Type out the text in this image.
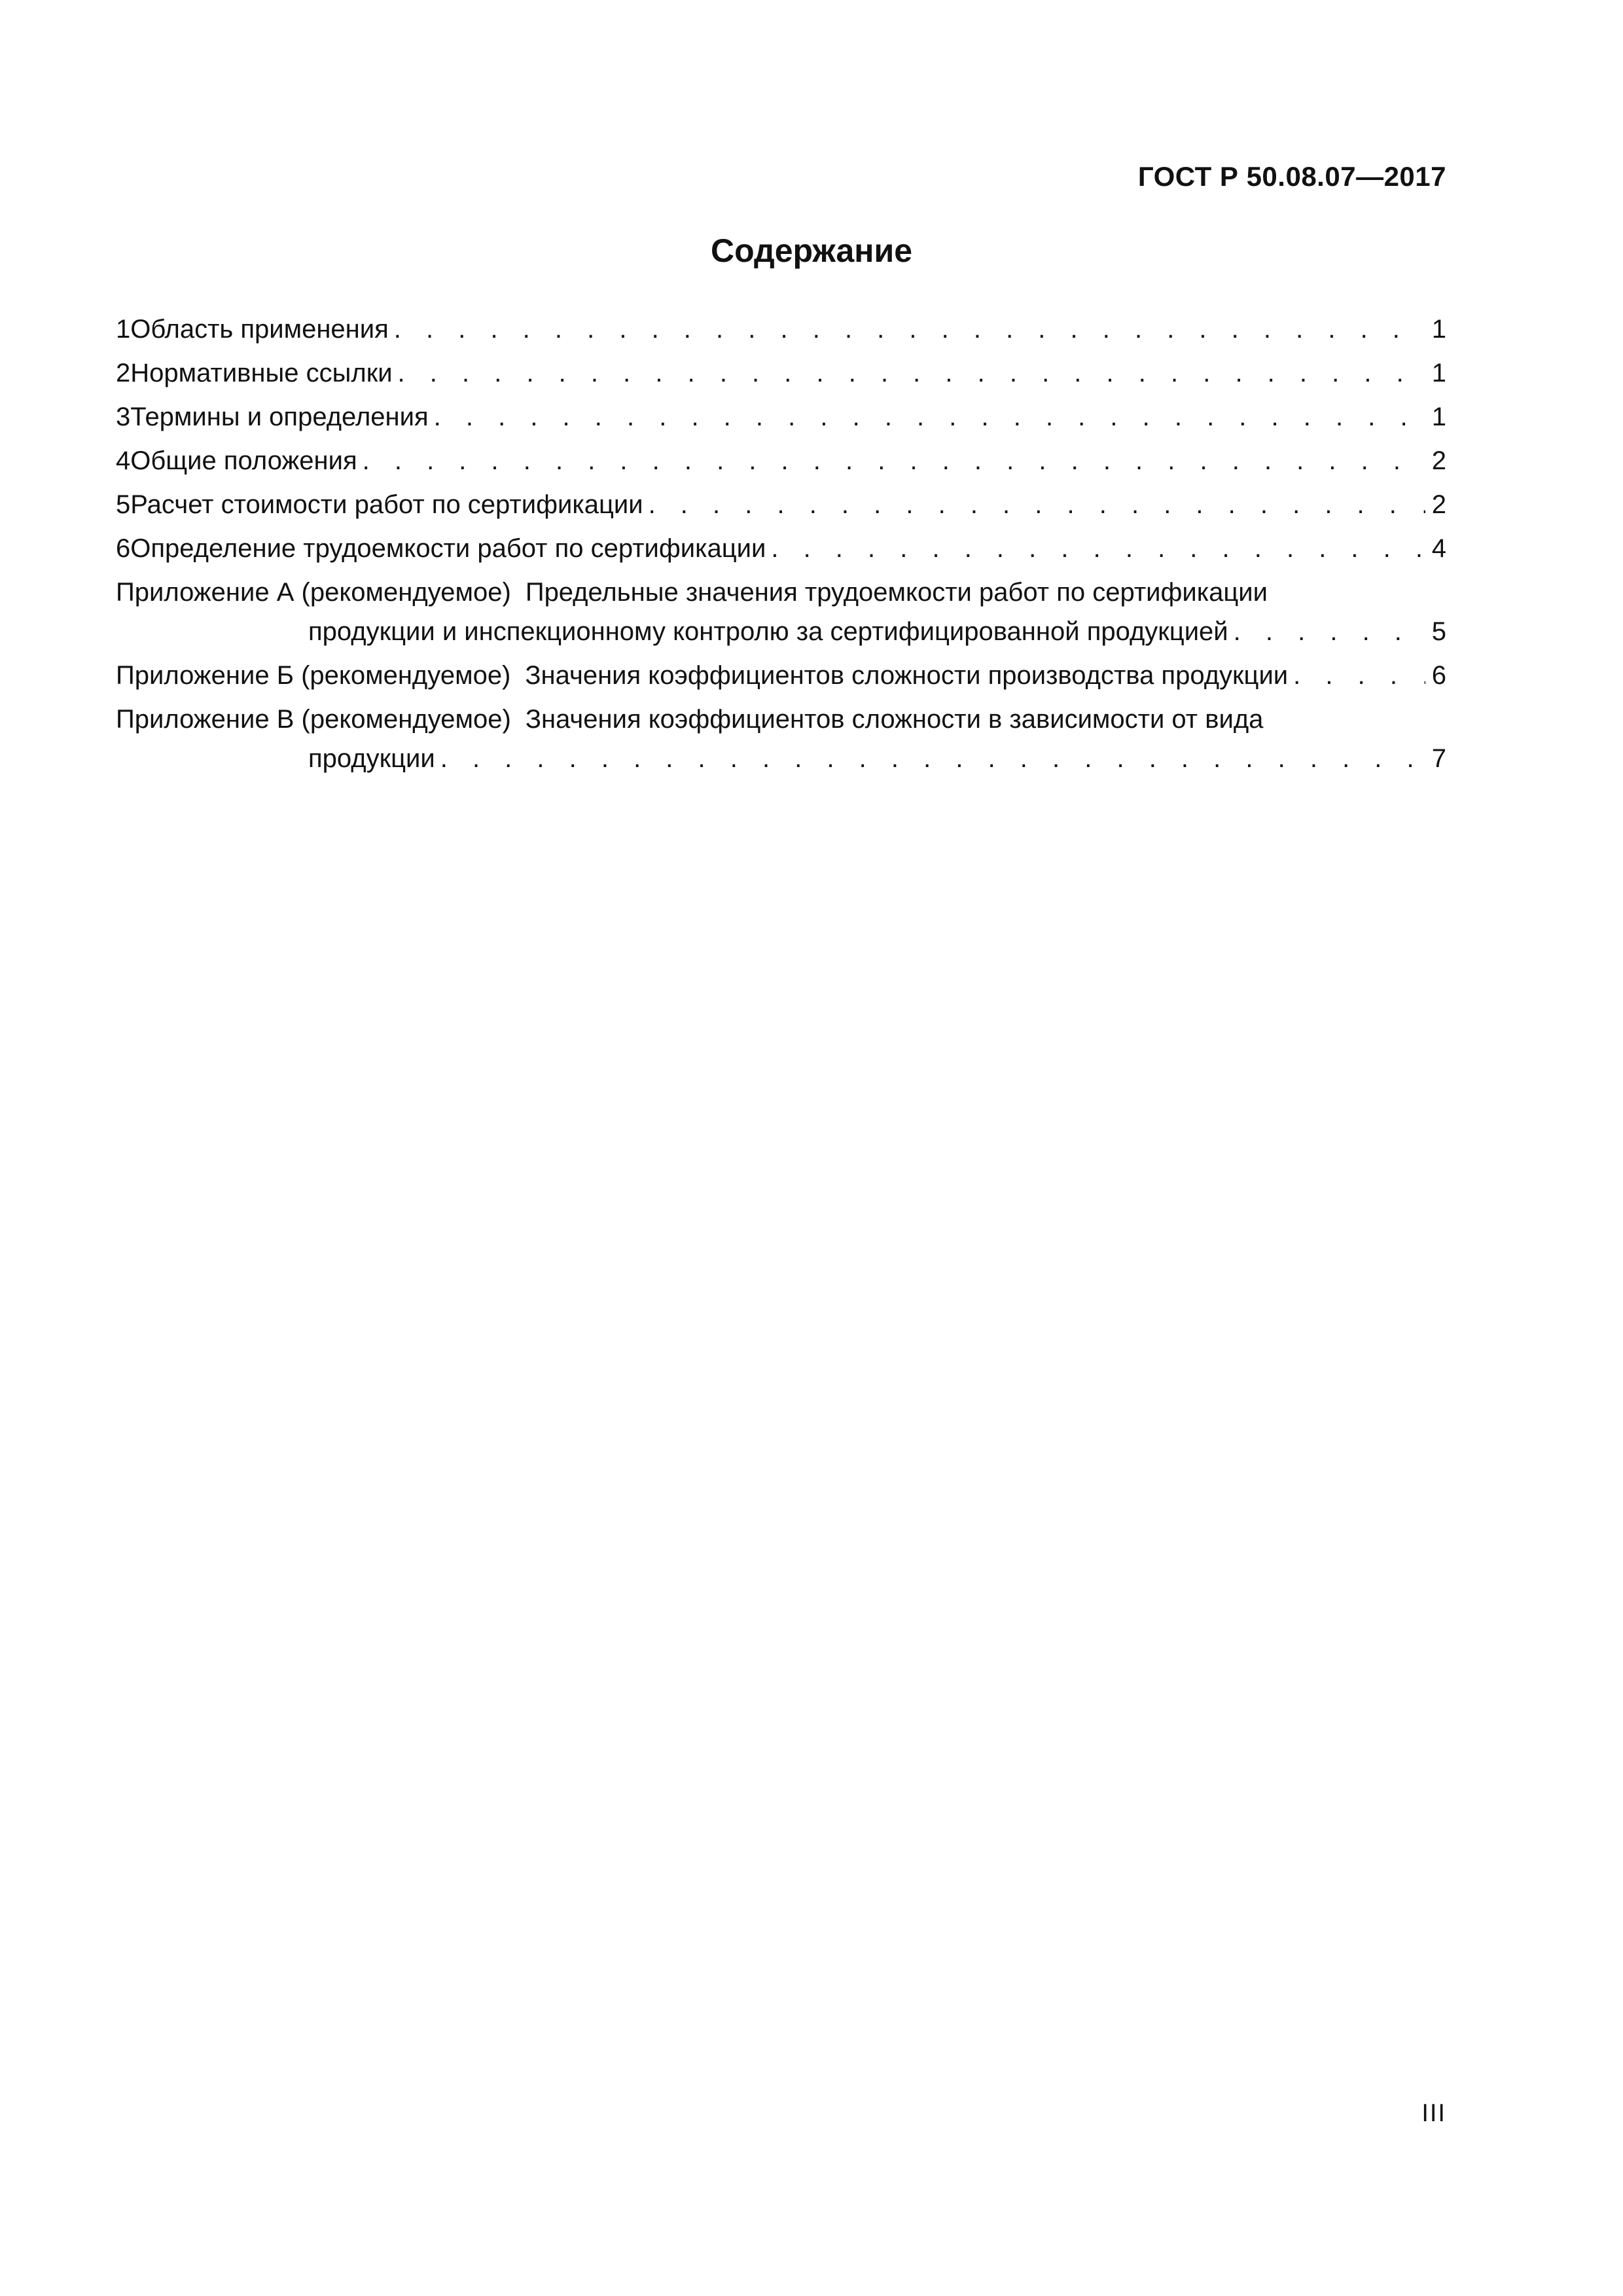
ГОСТ Р 50.08.07—2017
Содержание
1 Область применения . . .	1
2 Нормативные ссылки . . .	1
3 Термины и определения . . .	1
4 Общие положения . . .	2
5 Расчет стоимости работ по сертификации . . .	2
6 Определение трудоемкости работ по сертификации . . .	4
Приложение А (рекомендуемое) Предельные значения трудоемкости работ по сертификации
продукции и инспекционному контролю за сертифицированной продукцией . . .	5
Приложение Б (рекомендуемое) Значения коэффициентов сложности производства продукции . . .	6
Приложение В (рекомендуемое) Значения коэффициентов сложности в зависимости от вида
продукции . . .	7
III
